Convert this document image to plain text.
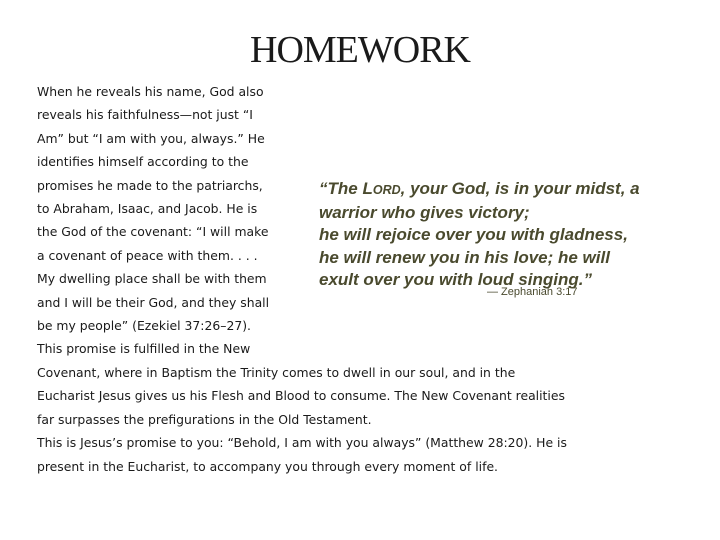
HOMEWORK
When he reveals his name, God also
reveals his faithfulness—not just “I
Am” but “I am with you, always.” He
identifies himself according to the
promises he made to the patriarchs,
to Abraham, Isaac, and Jacob. He is
the God of the covenant: “I will make
a covenant of peace with them. . . .
My dwelling place shall be with them
and I will be their God, and they shall
be my people” (Ezekiel 37:26–27).
This promise is fulfilled in the New
Covenant, where in Baptism the Trinity comes to dwell in our soul, and in the
Eucharist Jesus gives us his Flesh and Blood to consume. The New Covenant realities
far surpasses the prefigurations in the Old Testament.
This is Jesus’s promise to you: “Behold, I am with you always” (Matthew 28:20). He is
present in the Eucharist, to accompany you through every moment of life.
“The LORD, your God, is in your midst, a
warrior who gives victory;
he will rejoice over you with gladness,
he will renew you in his love; he will
exult over you with loud singing.”
— Zephaniah 3:17
